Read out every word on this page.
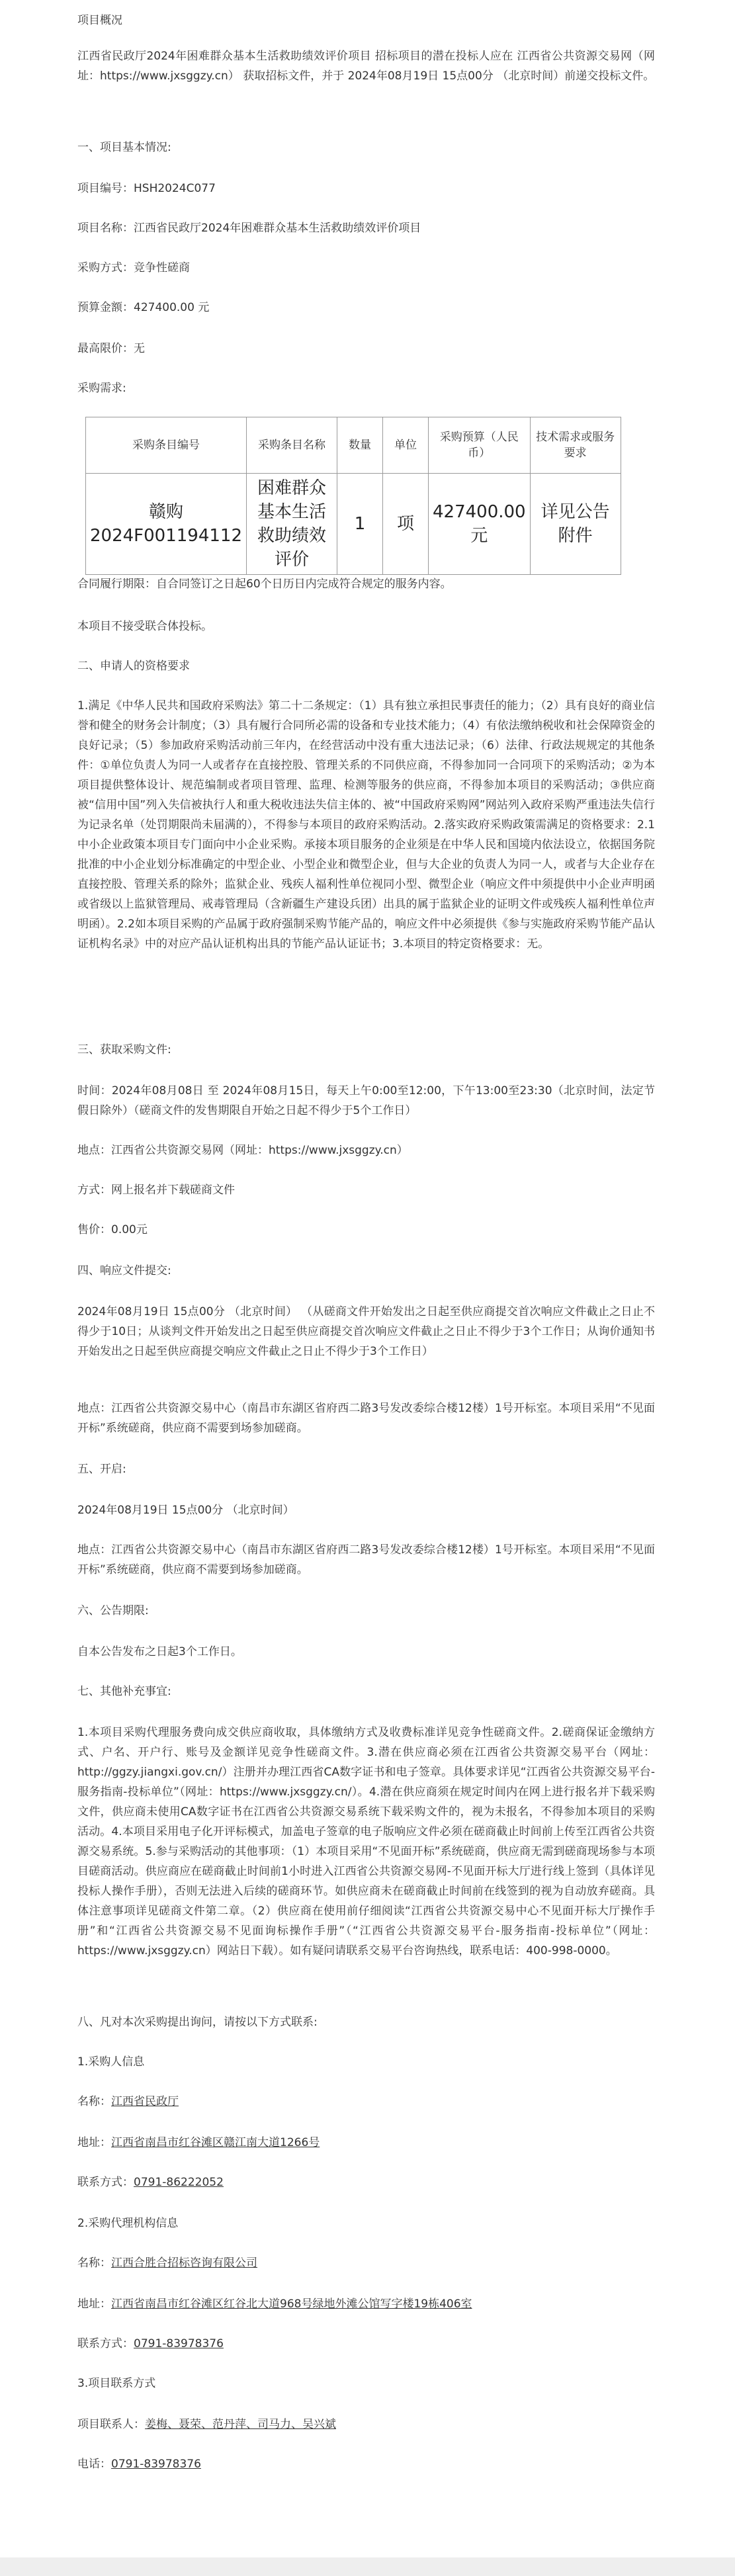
项目概况

江西省民政厅2024年困难群众基本生活救助绩效评价项目 招标项目的潜在投标人应在 江西省公共资源交易网（网址：https://www.jxsggzy.cn） 获取招标文件，并于 2024年08月19日 15点00分 （北京时间）前递交投标文件。

一、项目基本情况:

项目编号：HSH2024C077

项目名称：江西省民政厅2024年困难群众基本生活救助绩效评价项目

采购方式：竞争性磋商

预算金额：427400.00 元

最高限价：无

采购需求:

采购条目编号	采购条目名称	数量	单位	采购预算（人民币）	技术需求或服务要求
赣购2024F001194112	困难群众基本生活救助绩效评价	1	项	427400.00元	详见公告附件

合同履行期限：自合同签订之日起60个日历日内完成符合规定的服务内容。

本项目不接受联合体投标。

二、申请人的资格要求

1.满足《中华人民共和国政府采购法》第二十二条规定：（1）具有独立承担民事责任的能力；（2）具有良好的商业信誉和健全的财务会计制度；（3）具有履行合同所必需的设备和专业技术能力；（4）有依法缴纳税收和社会保障资金的良好记录；（5）参加政府采购活动前三年内，在经营活动中没有重大违法记录；（6）法律、行政法规规定的其他条件：①单位负责人为同一人或者存在直接控股、管理关系的不同供应商，不得参加同一合同项下的采购活动；②为本项目提供整体设计、规范编制或者项目管理、监理、检测等服务的供应商，不得参加本项目的采购活动；③供应商被“信用中国”列入失信被执行人和重大税收违法失信主体的、被“中国政府采购网”网站列入政府采购严重违法失信行为记录名单（处罚期限尚未届满的），不得参与本项目的政府采购活动。2.落实政府采购政策需满足的资格要求：2.1中小企业政策本项目专门面向中小企业采购。承接本项目服务的企业须是在中华人民和国境内依法设立，依据国务院批准的中小企业划分标准确定的中型企业、小型企业和微型企业，但与大企业的负责人为同一人，或者与大企业存在直接控股、管理关系的除外；监狱企业、残疾人福利性单位视同小型、微型企业（响应文件中须提供中小企业声明函或省级以上监狱管理局、戒毒管理局（含新疆生产建设兵团）出具的属于监狱企业的证明文件或残疾人福利性单位声明函）。2.2如本项目采购的产品属于政府强制采购节能产品的，响应文件中必须提供《参与实施政府采购节能产品认证机构名录》中的对应产品认证机构出具的节能产品认证证书；3.本项目的特定资格要求：无。

三、获取采购文件:

时间：2024年08月08日 至 2024年08月15日，每天上午0:00至12:00，下午13:00至23:30（北京时间，法定节假日除外）（磋商文件的发售期限自开始之日起不得少于5个工作日）

地点：江西省公共资源交易网（网址：https://www.jxsggzy.cn）

方式：网上报名并下载磋商文件

售价：0.00元

四、响应文件提交:

2024年08月19日 15点00分 （北京时间） （从磋商文件开始发出之日起至供应商提交首次响应文件截止之日止不得少于10日；从谈判文件开始发出之日起至供应商提交首次响应文件截止之日止不得少于3个工作日；从询价通知书开始发出之日起至供应商提交响应文件截止之日止不得少于3个工作日）

地点：江西省公共资源交易中心（南昌市东湖区省府西二路3号发改委综合楼12楼）1号开标室。本项目采用“不见面开标”系统磋商，供应商不需要到场参加磋商。

五、开启:

2024年08月19日 15点00分 （北京时间）

地点：江西省公共资源交易中心（南昌市东湖区省府西二路3号发改委综合楼12楼）1号开标室。本项目采用“不见面开标”系统磋商，供应商不需要到场参加磋商。

六、公告期限:

自本公告发布之日起3个工作日。

七、其他补充事宜:

1.本项目采购代理服务费向成交供应商收取，具体缴纳方式及收费标准详见竞争性磋商文件。2.磋商保证金缴纳方式、户名、开户行、账号及金额详见竞争性磋商文件。3.潜在供应商必须在江西省公共资源交易平台（网址：http://ggzy.jiangxi.gov.cn/）注册并办理江西省CA数字证书和电子签章。具体要求详见“江西省公共资源交易平台-服务指南-投标单位”（网址：https://www.jxsggzy.cn/）。4.潜在供应商须在规定时间内在网上进行报名并下载采购文件，供应商未使用CA数字证书在江西省公共资源交易系统下载采购文件的，视为未报名，不得参加本项目的采购活动。4.本项目采用电子化开评标模式，加盖电子签章的电子版响应文件必须在磋商截止时间前上传至江西省公共资源交易系统。5.参与采购活动的其他事项：（1）本项目采用“不见面开标”系统磋商，供应商无需到磋商现场参与本项目磋商活动。供应商应在磋商截止时间前1小时进入江西省公共资源交易网-不见面开标大厅进行线上签到（具体详见投标人操作手册），否则无法进入后续的磋商环节。如供应商未在磋商截止时间前在线签到的视为自动放弃磋商。具体注意事项详见磋商文件第二章。（2）供应商在使用前仔细阅读“江西省公共资源交易中心不见面开标大厅操作手册”和“江西省公共资源交易不见面询标操作手册”（“江西省公共资源交易平台-服务指南-投标单位”（网址：https://www.jxsggzy.cn）网站日下载）。如有疑问请联系交易平台咨询热线，联系电话：400-998-0000。

八、凡对本次采购提出询问，请按以下方式联系:

1.采购人信息

名称：江西省民政厅

地址：江西省南昌市红谷滩区赣江南大道1266号

联系方式：0791-86222052

2.采购代理机构信息

名称：江西合胜合招标咨询有限公司

地址：江西省南昌市红谷滩区红谷北大道968号绿地外滩公馆写字楼19栋406室

联系方式：0791-83978376

3.项目联系方式

项目联系人：姜梅、聂荣、范丹萍、司马力、吴兴斌

电话：0791-83978376
